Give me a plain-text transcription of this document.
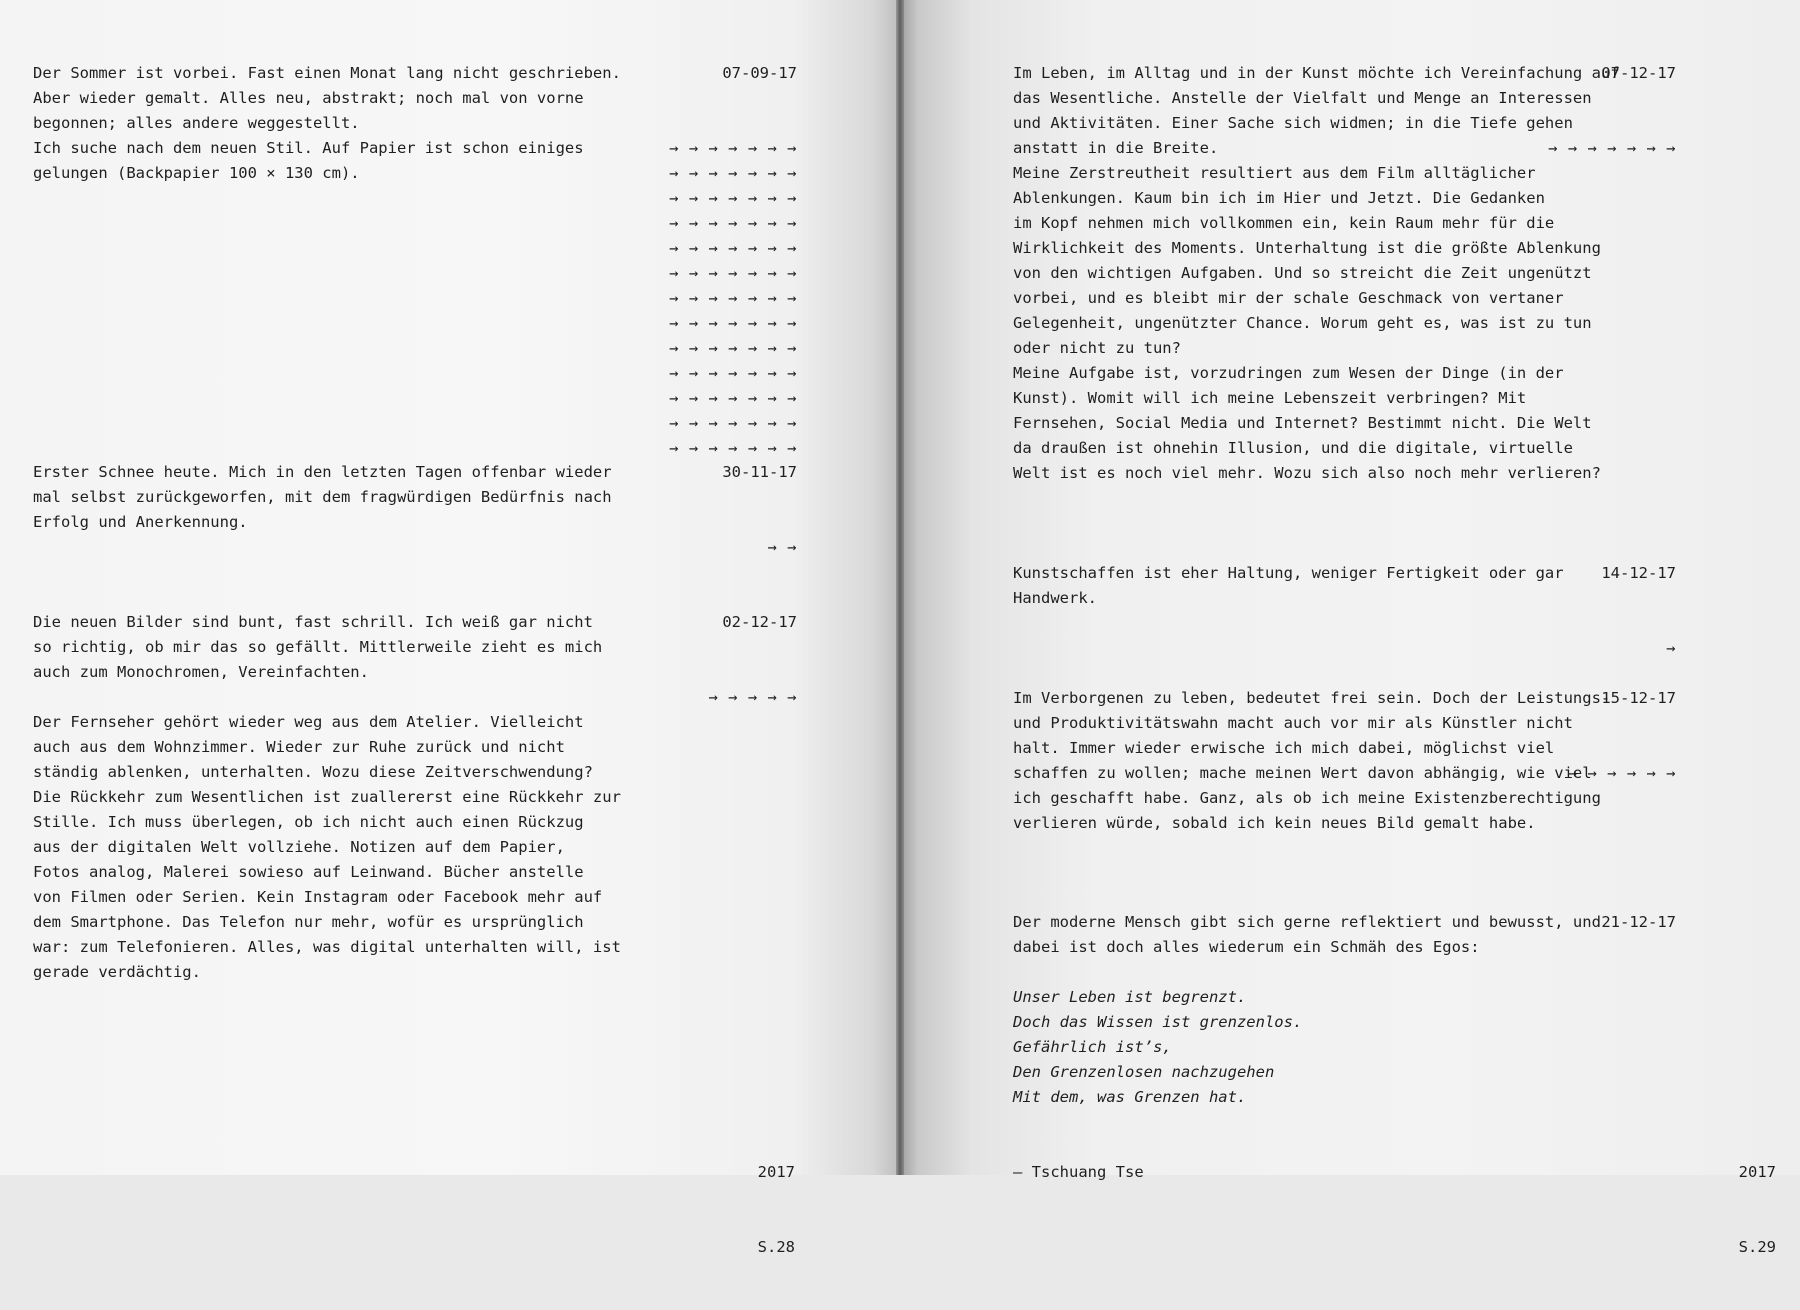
Der Sommer ist vorbei. Fast einen Monat lang nicht geschrieben.
Aber wieder gemalt. Alles neu, abstrakt; noch mal von vorne
begonnen; alles andere weggestellt.
Ich suche nach dem neuen Stil. Auf Papier ist schon einiges
gelungen (Backpapier 100 × 130 cm).

07-09-17

→ → → → → → →
→ → → → → → →
→ → → → → → →
→ → → → → → →
→ → → → → → →
→ → → → → → →
→ → → → → → →
→ → → → → → →
→ → → → → → →
→ → → → → → →
→ → → → → → →
→ → → → → → →
→ → → → → → →

Erster Schnee heute. Mich in den letzten Tagen offenbar wieder
mal selbst zurückgeworfen, mit dem fragwürdigen Bedürfnis nach
Erfolg und Anerkennung.

30-11-17

→ →

Die neuen Bilder sind bunt, fast schrill. Ich weiß gar nicht
so richtig, ob mir das so gefällt. Mittlerweile zieht es mich
auch zum Monochromen, Vereinfachten.

02-12-17

→ → → → →

Der Fernseher gehört wieder weg aus dem Atelier. Vielleicht
auch aus dem Wohnzimmer. Wieder zur Ruhe zurück und nicht
ständig ablenken, unterhalten. Wozu diese Zeitverschwendung?
Die Rückkehr zum Wesentlichen ist zuallererst eine Rückkehr zur
Stille. Ich muss überlegen, ob ich nicht auch einen Rückzug
aus der digitalen Welt vollziehe. Notizen auf dem Papier,
Fotos analog, Malerei sowieso auf Leinwand. Bücher anstelle
von Filmen oder Serien. Kein Instagram oder Facebook mehr auf
dem Smartphone. Das Telefon nur mehr, wofür es ursprünglich
war: zum Telefonieren. Alles, was digital unterhalten will, ist
gerade verdächtig.

2017

S.28

Im Leben, im Alltag und in der Kunst möchte ich Vereinfachung auf
das Wesentliche. Anstelle der Vielfalt und Menge an Interessen
und Aktivitäten. Einer Sache sich widmen; in die Tiefe gehen
anstatt in die Breite.
Meine Zerstreutheit resultiert aus dem Film alltäglicher
Ablenkungen. Kaum bin ich im Hier und Jetzt. Die Gedanken
im Kopf nehmen mich vollkommen ein, kein Raum mehr für die
Wirklichkeit des Moments. Unterhaltung ist die größte Ablenkung
von den wichtigen Aufgaben. Und so streicht die Zeit ungenützt
vorbei, und es bleibt mir der schale Geschmack von vertaner
Gelegenheit, ungenützter Chance. Worum geht es, was ist zu tun
oder nicht zu tun?
Meine Aufgabe ist, vorzudringen zum Wesen der Dinge (in der
Kunst). Womit will ich meine Lebenszeit verbringen? Mit
Fernsehen, Social Media und Internet? Bestimmt nicht. Die Welt
da draußen ist ohnehin Illusion, und die digitale, virtuelle
Welt ist es noch viel mehr. Wozu sich also noch mehr verlieren?

07-12-17

→ → → → → → →

Kunstschaffen ist eher Haltung, weniger Fertigkeit oder gar
Handwerk.

14-12-17

→

Im Verborgenen zu leben, bedeutet frei sein. Doch der Leistungs-
und Produktivitätswahn macht auch vor mir als Künstler nicht
halt. Immer wieder erwische ich mich dabei, möglichst viel
schaffen zu wollen; mache meinen Wert davon abhängig, wie viel
ich geschafft habe. Ganz, als ob ich meine Existenzberechtigung
verlieren würde, sobald ich kein neues Bild gemalt habe.

15-12-17

→ → → → → →

Der moderne Mensch gibt sich gerne reflektiert und bewusst, und
dabei ist doch alles wiederum ein Schmäh des Egos:

21-12-17

Unser Leben ist begrenzt.
Doch das Wissen ist grenzenlos.
Gefährlich ist’s,
Den Grenzenlosen nachzugehen
Mit dem, was Grenzen hat.

– Tschuang Tse

	2017

S.29
